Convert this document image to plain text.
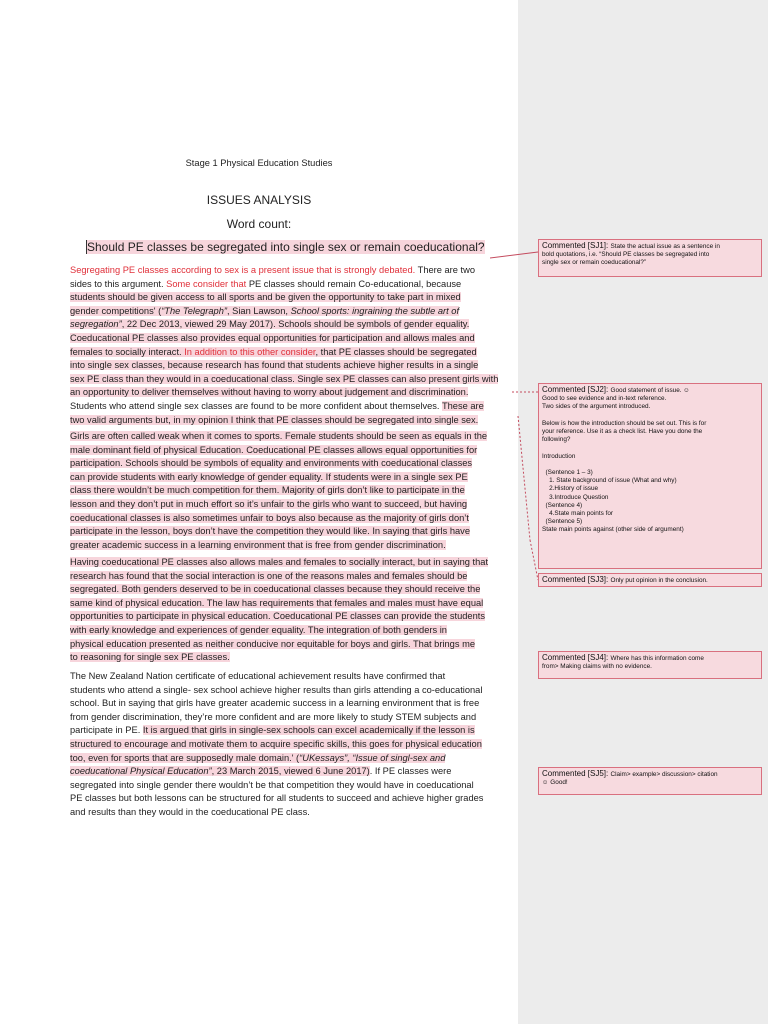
Stage 1 Physical Education Studies
ISSUES ANALYSIS
Word count:
Should PE classes be segregated into single sex or remain coeducational?
Segregating PE classes according to sex is a present issue that is strongly debated. There are two
sides to this argument. Some consider that PE classes should remain Co-educational, because
students should be given access to all sports and be given the opportunity to take part in mixed
gender competitions' (“The Telegraph”, Sian Lawson, School sports: ingraining the subtle art of
segregation”, 22 Dec 2013, viewed 29 May 2017). Schools should be symbols of gender equality.
Coeducational PE classes also provides equal opportunities for participation and allows males and
females to socially interact. In addition to this other consider, that PE classes should be segregated
into single sex classes, because research has found that students achieve higher results in a single
sex PE class than they would in a coeducational class. Single sex PE classes can also present girls with
an opportunity to deliver themselves without having to worry about judgement and discrimination.
Students who attend single sex classes are found to be more confident about themselves. These are
two valid arguments but, in my opinion I think that PE classes should be segregated into single sex.
Girls are often called weak when it comes to sports. Female students should be seen as equals in the
male dominant field of physical Education. Coeducational PE classes allows equal opportunities for
participation. Schools should be symbols of equality and environments with coeducational classes
can provide students with early knowledge of gender equality. If students were in a single sex PE
class there wouldn’t be much competition for them. Majority of girls don’t like to participate in the
lesson and they don’t put in much effort so it’s unfair to the girls who want to succeed, but having
coeducational classes is also sometimes unfair to boys also because as the majority of girls don’t
participate in the lesson, boys don’t have the competition they would like. In saying that girls have
greater academic success in a learning environment that is free from gender discrimination.
Having coeducational PE classes also allows males and females to socially interact, but in saying that
research has found that the social interaction is one of the reasons males and females should be
segregated. Both genders deserved to be in coeducational classes because they should receive the
same kind of physical education. The law has requirements that females and males must have equal
opportunities to participate in physical education. Coeducational PE classes can provide the students
with early knowledge and experiences of gender equality. The integration of both genders in
physical education presented as neither conducive nor equitable for boys and girls. That brings me
to reasoning for single sex PE classes.
The New Zealand Nation certificate of educational achievement results have confirmed that
students who attend a single- sex school achieve higher results than girls attending a co-educational
school. But in saying that girls have greater academic success in a learning environment that is free
from gender discrimination, they’re more confident and are more likely to study STEM subjects and
participate in PE. It is argued that girls in single-sex schools can excel academically if the lesson is
structured to encourage and motivate them to acquire specific skills, this goes for physical education
too, even for sports that are supposedly male domain.' (“UKessays”, “Issue of singl-sex and
coeducational Physical Education”, 23 March 2015, viewed 6 June 2017). If PE classes were
segregated into single gender there wouldn’t be that competition they would have in coeducational
PE classes but both lessons can be structured for all students to succeed and achieve higher grades
and results than they would in the coeducational PE class.
Commented [SJ1]: State the actual issue as a sentence in
bold quotations, i.e. “Should PE classes be segregated into
single sex or remain coeducational?”

Commented [SJ2]: Good statement of issue. ☺
Good to see evidence and in-text reference.
Two sides of the argument introduced.

Below is how the introduction should be set out. This is for
your reference. Use it as a check list. Have you done the
following?

Introduction

(Sentence 1 – 3)
1. State background of issue (What and why)
2.History of issue
3.Introduce Question
(Sentence 4)
4.State main points for
(Sentence 5)
State main points against (other side of argument)

Commented [SJ3]: Only put opinion in the conclusion.

Commented [SJ4]: Where has this information come
from> Making claims with no evidence.

Commented [SJ5]: Claim> example> discussion> citation
☺ Good!
